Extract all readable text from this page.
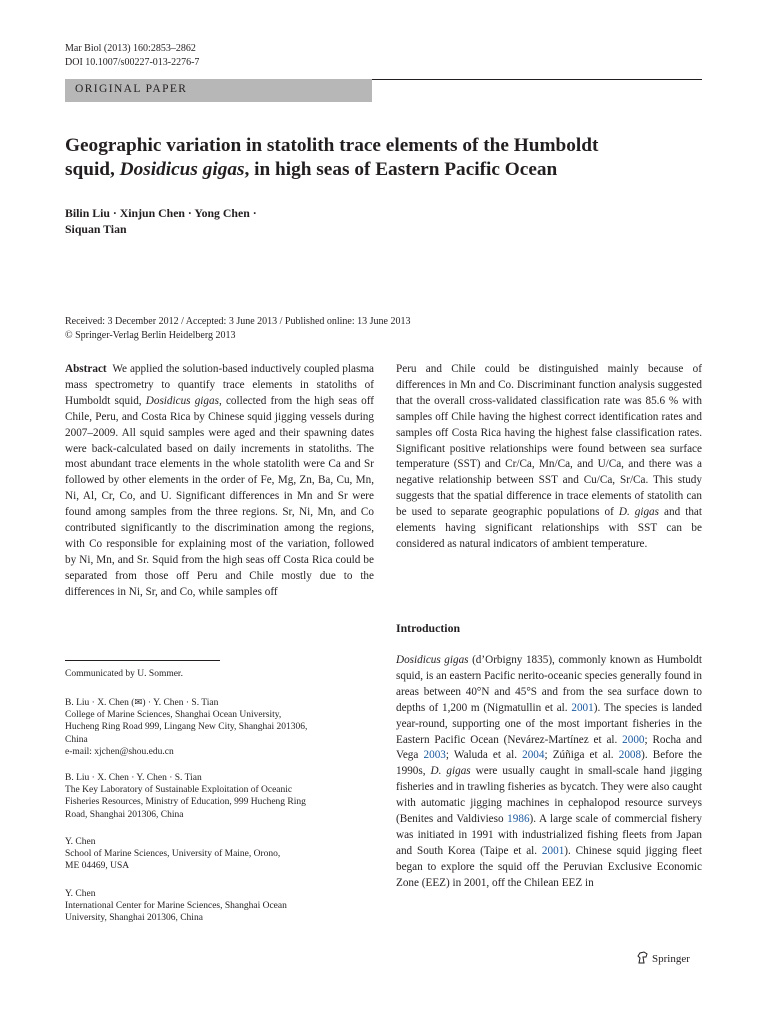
Mar Biol (2013) 160:2853–2862
DOI 10.1007/s00227-013-2276-7
ORIGINAL PAPER
Geographic variation in statolith trace elements of the Humboldt
squid, Dosidicus gigas, in high seas of Eastern Pacific Ocean
Bilin Liu · Xinjun Chen · Yong Chen ·
Siquan Tian
Received: 3 December 2012 / Accepted: 3 June 2013 / Published online: 13 June 2013
© Springer-Verlag Berlin Heidelberg 2013

Abstract We applied the solution-based inductively coupled plasma mass spectrometry to quantify trace elements in statoliths of Humboldt squid, Dosidicus gigas, collected from the high seas off Chile, Peru, and Costa Rica by Chinese squid jigging vessels during 2007–2009. All squid samples were aged and their spawning dates were back-calculated based on daily increments in statoliths. The most abundant trace elements in the whole statolith were Ca and Sr followed by other elements in the order of Fe, Mg, Zn, Ba, Cu, Mn, Ni, Al, Cr, Co, and U. Significant differences in Mn and Sr were found among samples from the three regions. Sr, Ni, Mn, and Co contributed significantly to the discrimination among the regions, with Co responsible for explaining most of the variation, followed by Ni, Mn, and Sr. Squid from the high seas off Costa Rica could be separated from those off Peru and Chile mostly due to the differences in Ni, Sr, and Co, while samples off

Peru and Chile could be distinguished mainly because of differences in Mn and Co. Discriminant function analysis suggested that the overall cross-validated classification rate was 85.6 % with samples off Chile having the highest correct identification rates and samples off Costa Rica having the highest false classification rates. Significant positive relationships were found between sea surface temperature (SST) and Cr/Ca, Mn/Ca, and U/Ca, and there was a negative relationship between SST and Cu/Ca, Sr/Ca. This study suggests that the spatial difference in trace elements of statolith can be used to separate geographic populations of D. gigas and that elements having significant relationships with SST can be considered as natural indicators of ambient temperature.

Communicated by U. Sommer.
B. Liu · X. Chen (✉) · Y. Chen · S. Tian
College of Marine Sciences, Shanghai Ocean University,
Hucheng Ring Road 999, Lingang New City, Shanghai 201306,
China
e-mail: xjchen@shou.edu.cn
B. Liu · X. Chen · Y. Chen · S. Tian
The Key Laboratory of Sustainable Exploitation of Oceanic
Fisheries Resources, Ministry of Education, 999 Hucheng Ring
Road, Shanghai 201306, China
Y. Chen
School of Marine Sciences, University of Maine, Orono,
ME 04469, USA
Y. Chen
International Center for Marine Sciences, Shanghai Ocean
University, Shanghai 201306, China
Introduction

Dosidicus gigas (d’Orbigny 1835), commonly known as Humboldt squid, is an eastern Pacific nerito-oceanic species generally found in areas between 40°N and 45°S and from the sea surface down to depths of 1,200 m (Nigmatullin et al. 2001). The species is landed year-round, supporting one of the most important fisheries in the Eastern Pacific Ocean (Nevárez-Martínez et al. 2000; Rocha and Vega 2003; Waluda et al. 2004; Zúñiga et al. 2008). Before the 1990s, D. gigas were usually caught in small-scale hand jigging fisheries and in trawling fisheries as bycatch. They were also caught with automatic jigging machines in cephalopod resource surveys (Benites and Valdivieso 1986). A large scale of commercial fishery was initiated in 1991 with industrialized fishing fleets from Japan and South Korea (Taipe et al. 2001). Chinese squid jigging fleet began to explore the squid off the Peruvian Exclusive Economic Zone (EEZ) in 2001, off the Chilean EEZ in

Springer
